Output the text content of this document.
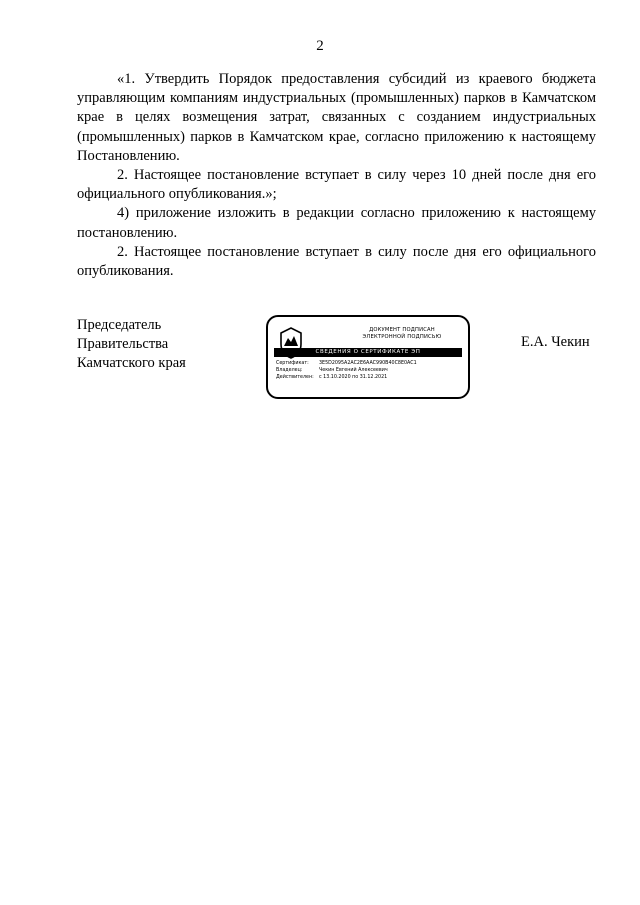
2

«1. Утвердить Порядок предоставления субсидий из краевого бюджета управляющим компаниям индустриальных (промышленных) парков в Камчатском крае в целях возмещения затрат, связанных с созданием индустриальных (промышленных) парков в Камчатском крае, согласно приложению к настоящему Постановлению.

2. Настоящее постановление вступает в силу через 10 дней после дня его официального опубликования.»;

4) приложение изложить в редакции согласно приложению к настоящему постановлению.

2. Настоящее постановление вступает в силу после дня его официального опубликования.

Председатель
Правительства
Камчатского края
Е.А. Чекин
ДОКУМЕНТ ПОДПИСАН
ЭЛЕКТРОННОЙ ПОДПИСЬЮ
СВЕДЕНИЯ О СЕРТИФИКАТЕ ЭП
Сертификат: 3E5D2095A2AC2E6AAC990B40C8E0AC1
Владелец:	Чекин Евгений Алексеевич
Действителен: с 13.10.2020 по 31.12.2021
